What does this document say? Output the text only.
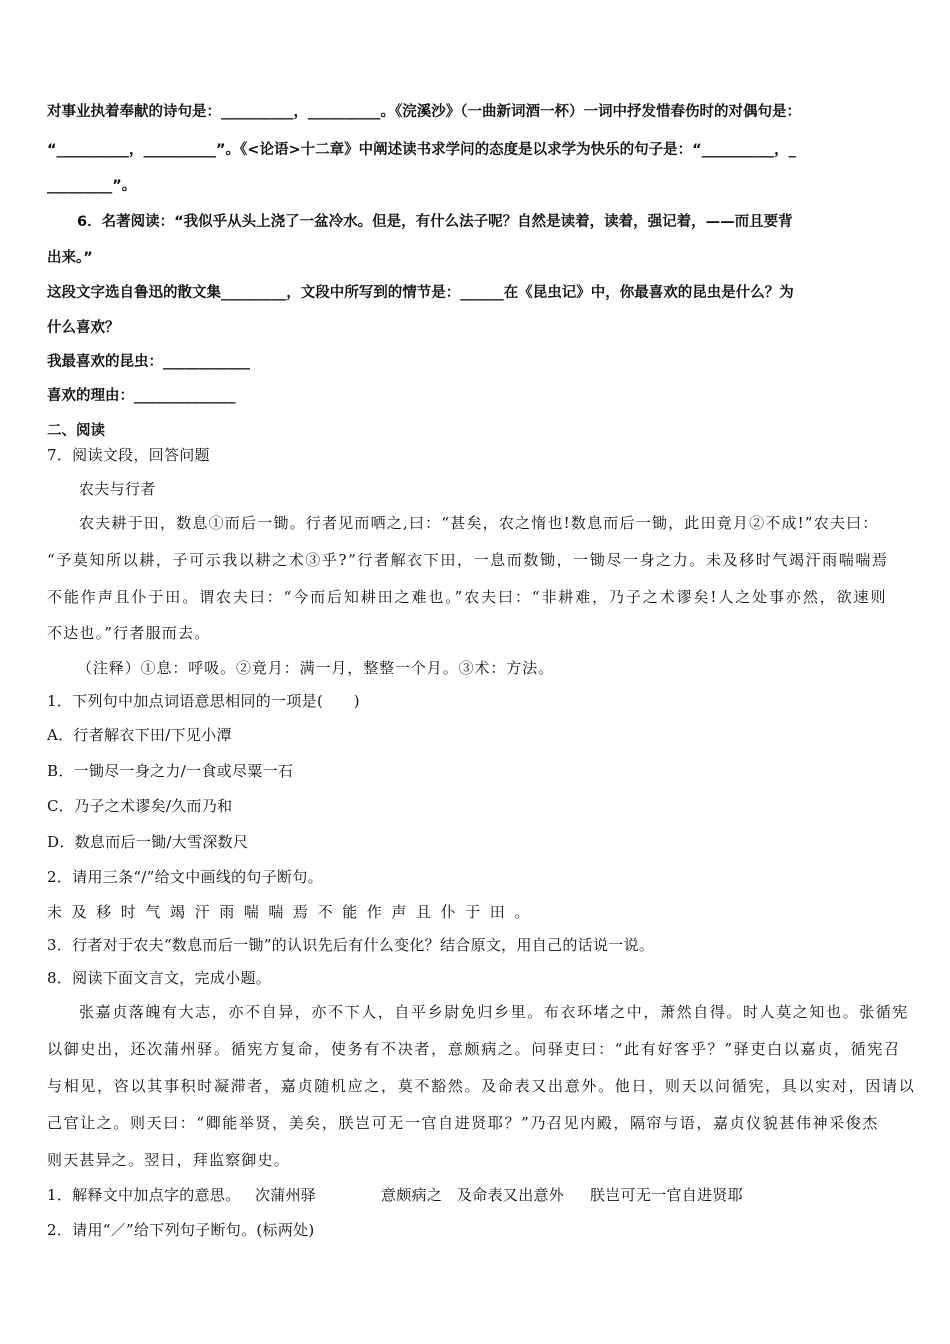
对事业执着奉献的诗句是：__________，__________。《浣溪沙》（一曲新词酒一杯）一词中抒发惜春伤时的对偶句是：
“__________，__________”。《<论语>十二章》中阐述读书求学问的态度是以求学为快乐的句子是：“__________，_
_________”。
6．名著阅读：“我似乎从头上浇了一盆冷水。但是，有什么法子呢？自然是读着，读着，强记着，——而且要背
出来。”
这段文字选自鲁迅的散文集_________，文段中所写到的情节是：______在《昆虫记》中，你最喜欢的昆虫是什么？为
什么喜欢？
我最喜欢的昆虫：____________
喜欢的理由：______________
二、阅读
7．阅读文段，回答问题
农夫与行者
农夫耕于田，数息①而后一锄。行者见而哂之,曰：“甚矣，农之惰也!数息而后一锄，此田竟月②不成!”农夫曰：
“予莫知所以耕，子可示我以耕之术③乎?”行者解衣下田，一息而数锄，一锄尽一身之力。未及移时气竭汗雨喘喘焉
不能作声且仆于田。谓农夫曰：“今而后知耕田之难也。”农夫曰：“非耕难，乃子之术谬矣!人之处事亦然，欲速则
不达也。”行者服而去。
（注释）①息：呼吸。②竟月：满一月，整整一个月。③术：方法。
1．下列句中加点词语意思相同的一项是(　　)
A．行者解衣下田/下见小潭
B．一锄尽一身之力/一食或尽粟一石
C．乃子之术谬矣/久而乃和
D．数息而后一锄/大雪深数尺
2．请用三条“/”给文中画线的句子断句。
未及移时气竭汗雨喘喘焉不能作声且仆于田。
3．行者对于农夫“数息而后一锄”的认识先后有什么变化？结合原文，用自己的话说一说。
8．阅读下面文言文，完成小题。
张嘉贞落魄有大志，亦不自异，亦不下人，自平乡尉免归乡里。布衣环堵之中，萧然自得。时人莫之知也。张循宪
以御史出，还次蒲州驿。循宪方复命，使务有不决者，意颇病之。问驿吏曰：“此有好客乎？”驿吏白以嘉贞，循宪召
与相见，咨以其事积时凝滞者，嘉贞随机应之，莫不豁然。及命表又出意外。他日，则天以问循宪，具以实对，因请以
己官让之。则天曰：“卿能举贤，美矣，朕岂可无一官自进贤耶？”乃召见内殿，隔帘与语，嘉贞仪貌甚伟神采俊杰
则天甚异之。翌日，拜监察御史。
1．解释文中加点字的意思。 次蒲州驿	意颇病之 及命表又出意外 朕岂可无一官自进贤耶
2．请用“／”给下列句子断句。(标两处)
